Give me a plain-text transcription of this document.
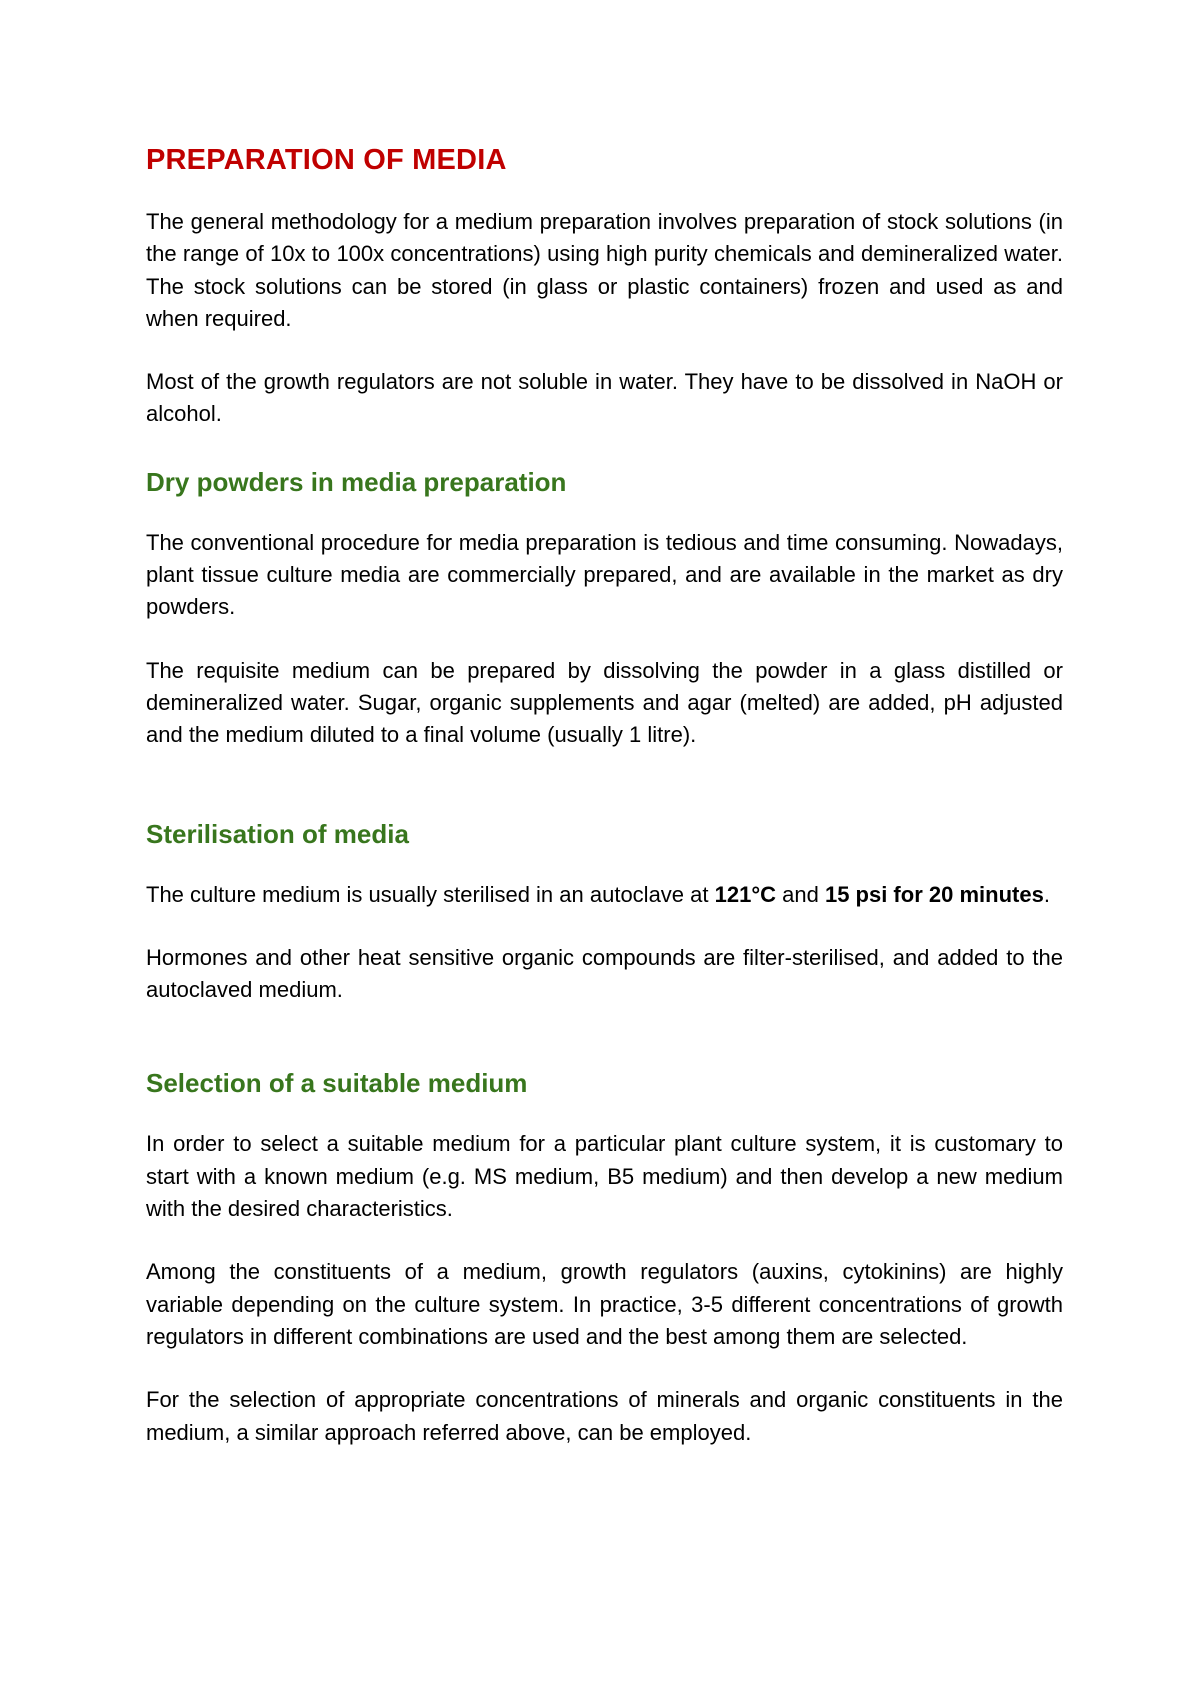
PREPARATION OF MEDIA

The general methodology for a medium preparation involves preparation of stock solutions (in the range of 10x to 100x concentrations) using high purity chemicals and demineralized water. The stock solutions can be stored (in glass or plastic containers) frozen and used as and when required.

Most of the growth regulators are not soluble in water. They have to be dissolved in NaOH or alcohol.

Dry powders in media preparation

The conventional procedure for media preparation is tedious and time consuming. Nowadays, plant tissue culture media are commercially prepared, and are available in the market as dry powders.

The requisite medium can be prepared by dissolving the powder in a glass distilled or demineralized water. Sugar, organic supplements and agar (melted) are added, pH adjusted and the medium diluted to a final volume (usually 1 litre).

Sterilisation of media

The culture medium is usually sterilised in an autoclave at 121°C and 15 psi for 20 minutes.

Hormones and other heat sensitive organic compounds are filter-sterilised, and added to the autoclaved medium.

Selection of a suitable medium

In order to select a suitable medium for a particular plant culture system, it is customary to start with a known medium (e.g. MS medium, B5 medium) and then develop a new medium with the desired characteristics.

Among the constituents of a medium, growth regulators (auxins, cytokinins) are highly variable depending on the culture system. In practice, 3-5 different concentrations of growth regulators in different combinations are used and the best among them are selected.

For the selection of appropriate concentrations of minerals and organic constituents in the medium, a similar approach referred above, can be employed.
